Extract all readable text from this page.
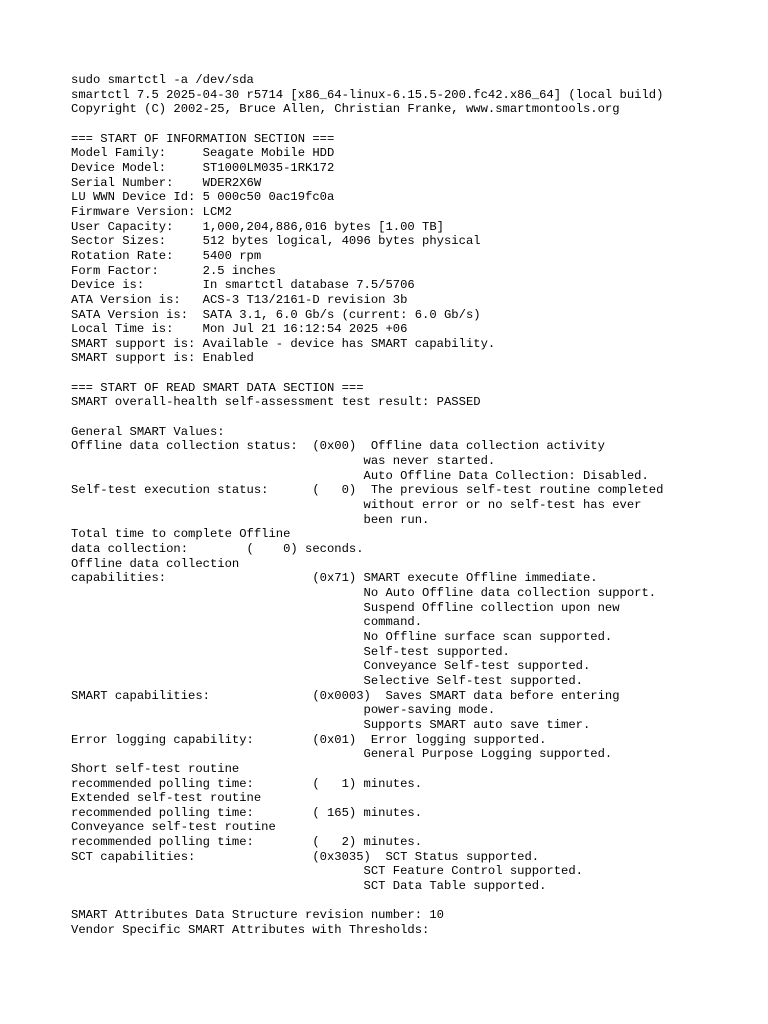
sudo smartctl -a /dev/sda
smartctl 7.5 2025-04-30 r5714 [x86_64-linux-6.15.5-200.fc42.x86_64] (local build)
Copyright (C) 2002-25, Bruce Allen, Christian Franke, www.smartmontools.org
=== START OF INFORMATION SECTION ===
Model Family:     Seagate Mobile HDD
Device Model:     ST1000LM035-1RK172
Serial Number:    WDER2X6W
LU WWN Device Id: 5 000c50 0ac19fc0a
Firmware Version: LCM2
User Capacity:    1,000,204,886,016 bytes [1.00 TB]
Sector Sizes:     512 bytes logical, 4096 bytes physical
Rotation Rate:    5400 rpm
Form Factor:      2.5 inches
Device is:        In smartctl database 7.5/5706
ATA Version is:   ACS-3 T13/2161-D revision 3b
SATA Version is:  SATA 3.1, 6.0 Gb/s (current: 6.0 Gb/s)
Local Time is:    Mon Jul 21 16:12:54 2025 +06
SMART support is: Available - device has SMART capability.
SMART support is: Enabled
=== START OF READ SMART DATA SECTION ===
SMART overall-health self-assessment test result: PASSED
General SMART Values:
Offline data collection status:  (0x00)  Offline data collection activity
was never started.
Auto Offline Data Collection: Disabled.
Self-test execution status:      (   0)  The previous self-test routine completed
without error or no self-test has ever
been run.
Total time to complete Offline
data collection:        (    0) seconds.
Offline data collection
capabilities:                    (0x71) SMART execute Offline immediate.
No Auto Offline data collection support.
Suspend Offline collection upon new
command.
No Offline surface scan supported.
Self-test supported.
Conveyance Self-test supported.
Selective Self-test supported.
SMART capabilities:              (0x0003)  Saves SMART data before entering
power-saving mode.
Supports SMART auto save timer.
Error logging capability:        (0x01)  Error logging supported.
General Purpose Logging supported.
Short self-test routine
recommended polling time:        (   1) minutes.
Extended self-test routine
recommended polling time:        ( 165) minutes.
Conveyance self-test routine
recommended polling time:        (   2) minutes.
SCT capabilities:                (0x3035)  SCT Status supported.
SCT Feature Control supported.
SCT Data Table supported.
SMART Attributes Data Structure revision number: 10
Vendor Specific SMART Attributes with Thresholds:
